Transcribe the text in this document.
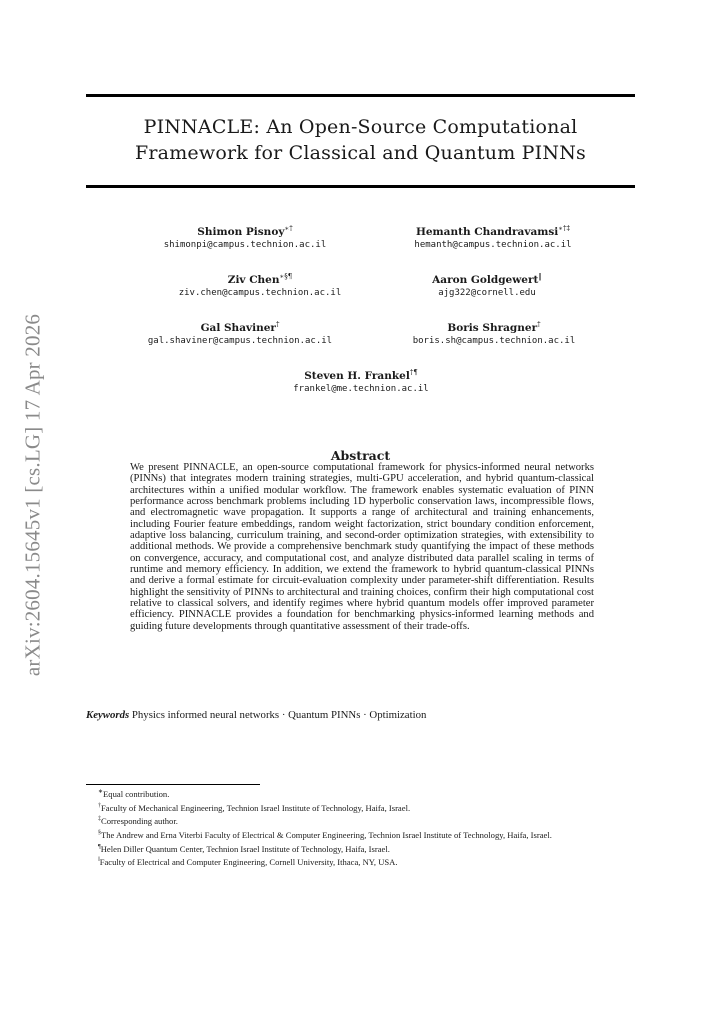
arXiv:2604.15645v1 [cs.LG] 17 Apr 2026
PINNACLE: An Open-Source Computational
Framework for Classical and Quantum PINNs
Shimon Pisnoy∗†
shimonpi@campus.technion.ac.il
Hemanth Chandravamsi∗†‡
hemanth@campus.technion.ac.il
Ziv Chen∗§¶
ziv.chen@campus.technion.ac.il
Aaron Goldgewert‖
ajg322@cornell.edu
Gal Shaviner†
gal.shaviner@campus.technion.ac.il
Boris Shragner†
boris.sh@campus.technion.ac.il
Steven H. Frankel†¶
frankel@me.technion.ac.il
Abstract
We present PINNACLE, an open-source computational framework for physics-informed neural networks (PINNs) that integrates modern training strategies, multi-GPU acceleration, and hybrid quantum-classical architectures within a unified modular workflow. The framework enables systematic evaluation of PINN performance across benchmark problems including 1D hyperbolic conservation laws, incompressible flows, and electromagnetic wave propagation. It supports a range of architectural and training enhancements, including Fourier feature embeddings, random weight factorization, strict boundary condition enforcement, adaptive loss balancing, curriculum training, and second-order optimization strategies, with extensibility to additional methods. We provide a comprehensive benchmark study quantifying the impact of these methods on convergence, accuracy, and computational cost, and analyze distributed data parallel scaling in terms of runtime and memory efficiency. In addition, we extend the framework to hybrid quantum-classical PINNs and derive a formal estimate for circuit-evaluation complexity under parameter-shift differentiation. Results highlight the sensitivity of PINNs to architectural and training choices, confirm their high computational cost relative to classical solvers, and identify regimes where hybrid quantum models offer improved parameter efficiency. PINNACLE provides a foundation for benchmarking physics-informed learning methods and guiding future developments through quantitative assessment of their trade-offs.
Keywords Physics informed neural networks · Quantum PINNs · Optimization
∗Equal contribution.
†Faculty of Mechanical Engineering, Technion Israel Institute of Technology, Haifa, Israel.
‡Corresponding author.
§The Andrew and Erna Viterbi Faculty of Electrical & Computer Engineering, Technion Israel Institute of Technology, Haifa, Israel.
¶Helen Diller Quantum Center, Technion Israel Institute of Technology, Haifa, Israel.
‖Faculty of Electrical and Computer Engineering, Cornell University, Ithaca, NY, USA.
